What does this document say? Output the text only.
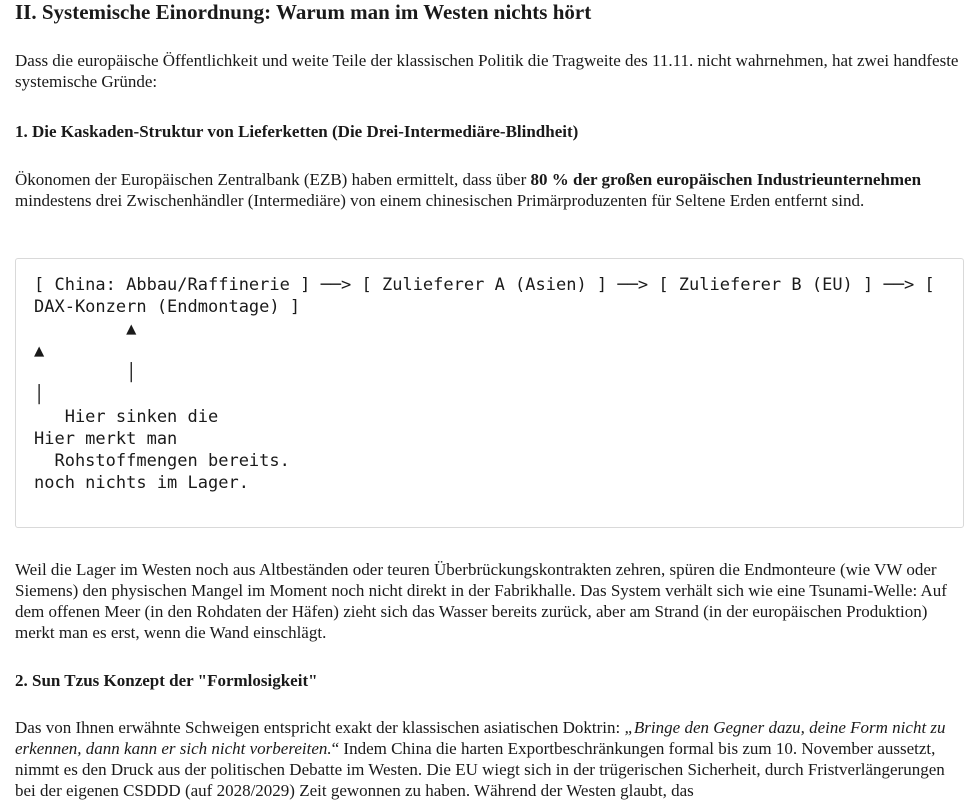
II. Systemische Einordnung: Warum man im Westen nichts hört

Dass die europäische Öffentlichkeit und weite Teile der klassischen Politik die Tragweite des 11.11. nicht wahrnehmen, hat zwei handfeste systemische Gründe:

1. Die Kaskaden-Struktur von Lieferketten (Die Drei-Intermediäre-Blindheit)

Ökonomen der Europäischen Zentralbank (EZB) haben ermittelt, dass über 80 % der großen europäischen Industrieunternehmen mindestens drei Zwischenhändler (Intermediäre) von einem chinesischen Primärproduzenten für Seltene Erden entfernt sind.

[ China: Abbau/Raffinerie ] ──> [ Zulieferer A (Asien) ] ──> [ Zulieferer B (EU) ] ──> [
DAX-Konzern (Endmontage) ]
▲
▲
│
│
Hier sinken die
Hier merkt man
Rohstoffmengen bereits.
noch nichts im Lager.

Weil die Lager im Westen noch aus Altbeständen oder teuren Überbrückungskontrakten zehren, spüren die Endmonteure (wie VW oder Siemens) den physischen Mangel im Moment noch nicht direkt in der Fabrikhalle. Das System verhält sich wie eine Tsunami-Welle: Auf dem offenen Meer (in den Rohdaten der Häfen) zieht sich das Wasser bereits zurück, aber am Strand (in der europäischen Produktion) merkt man es erst, wenn die Wand einschlägt.

2. Sun Tzus Konzept der "Formlosigkeit"

Das von Ihnen erwähnte Schweigen entspricht exakt der klassischen asiatischen Doktrin: „Bringe den Gegner dazu, deine Form nicht zu erkennen, dann kann er sich nicht vorbereiten.“ Indem China die harten Exportbeschränkungen formal bis zum 10. November aussetzt, nimmt es den Druck aus der politischen Debatte im Westen. Die EU wiegt sich in der trügerischen Sicherheit, durch Fristverlängerungen bei der eigenen CSDDD (auf 2028/2029) Zeit gewonnen zu haben. Während der Westen glaubt, das
